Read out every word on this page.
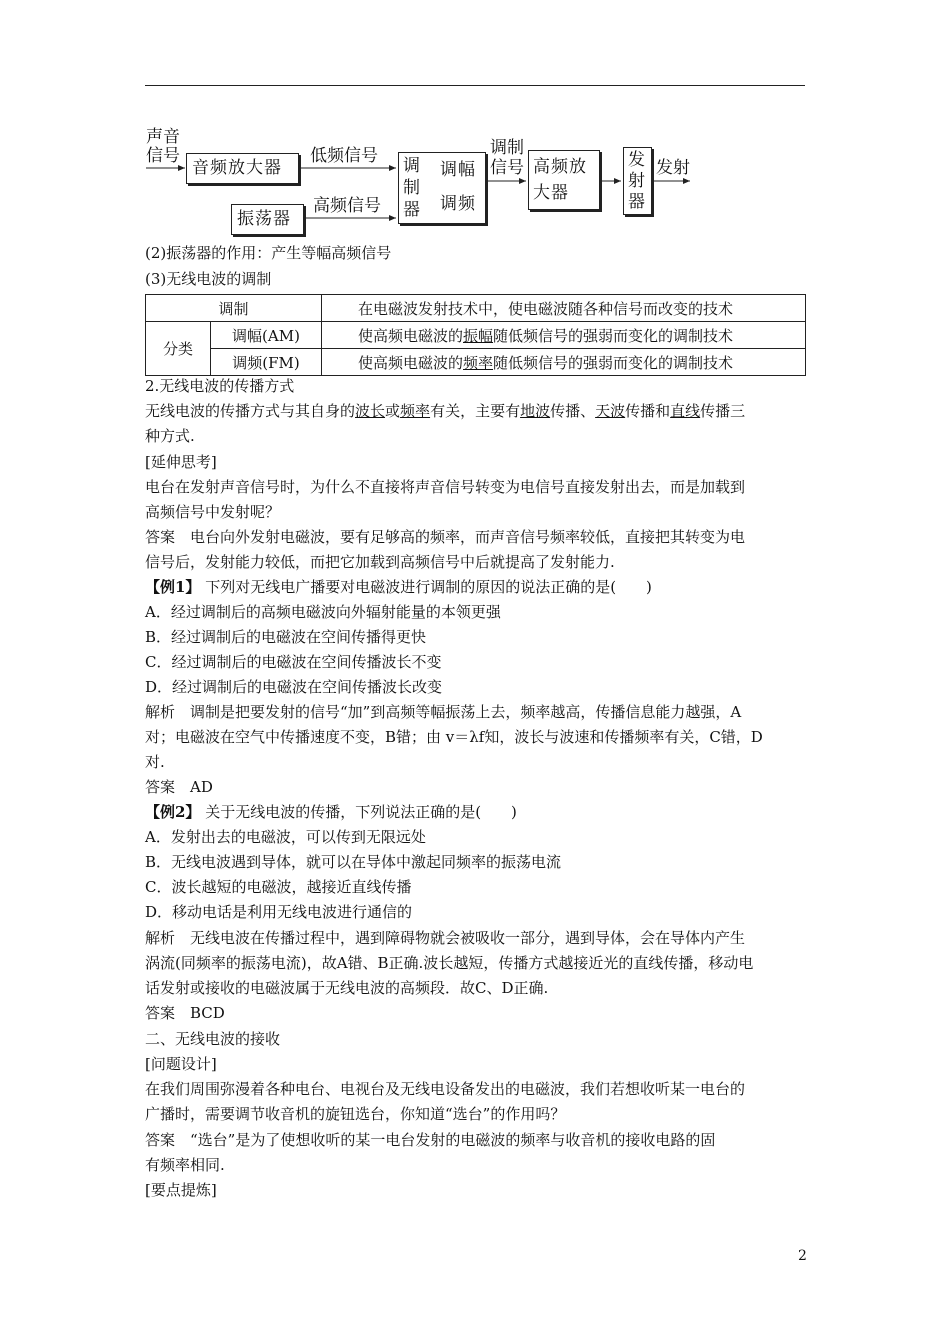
声音
信号
音频放大器
低频信号
振荡器
高频信号
调
制
器
调幅
调频
调制
信号 高频放
大器
发
射
器
发射
(2)振荡器的作用：产生等幅高频信号
(3)无线电波的调制
调制		在电磁波发射技术中，使电磁波随各种信号而改变的技术
分类	调幅(AM)	使高频电磁波的振幅随低频信号的强弱而变化的调制技术
	调频(FM)	使高频电磁波的频率随低频信号的强弱而变化的调制技术
2.无线电波的传播方式
无线电波的传播方式与其自身的波长或频率有关，主要有地波传播、天波传播和直线传播三
种方式.
[延伸思考]
电台在发射声音信号时，为什么不直接将声音信号转变为电信号直接发射出去，而是加载到
高频信号中发射呢？
答案　电台向外发射电磁波，要有足够高的频率，而声音信号频率较低，直接把其转变为电
信号后，发射能力较低，而把它加载到高频信号中后就提高了发射能力.
【例1】 下列对无线电广播要对电磁波进行调制的原因的说法正确的是(　　)
A．经过调制后的高频电磁波向外辐射能量的本领更强
B．经过调制后的电磁波在空间传播得更快
C．经过调制后的电磁波在空间传播波长不变
D．经过调制后的电磁波在空间传播波长改变
解析　调制是把要发射的信号“加”到高频等幅振荡上去，频率越高，传播信息能力越强，A
对；电磁波在空气中传播速度不变，B错；由 v＝λf知，波长与波速和传播频率有关，C错，D
对.
答案　AD
【例2】 关于无线电波的传播，下列说法正确的是(　　)
A．发射出去的电磁波，可以传到无限远处
B．无线电波遇到导体，就可以在导体中激起同频率的振荡电流
C．波长越短的电磁波，越接近直线传播
D．移动电话是利用无线电波进行通信的
解析　无线电波在传播过程中，遇到障碍物就会被吸收一部分，遇到导体，会在导体内产生
涡流(同频率的振荡电流)，故A错、B正确.波长越短，传播方式越接近光的直线传播，移动电
话发射或接收的电磁波属于无线电波的高频段．故C、D正确.
答案　BCD
二、无线电波的接收
[问题设计]
在我们周围弥漫着各种电台、电视台及无线电设备发出的电磁波，我们若想收听某一电台的
广播时，需要调节收音机的旋钮选台，你知道“选台”的作用吗？
答案　“选台”是为了使想收听的某一电台发射的电磁波的频率与收音机的接收电路的固
有频率相同.
[要点提炼]
2
